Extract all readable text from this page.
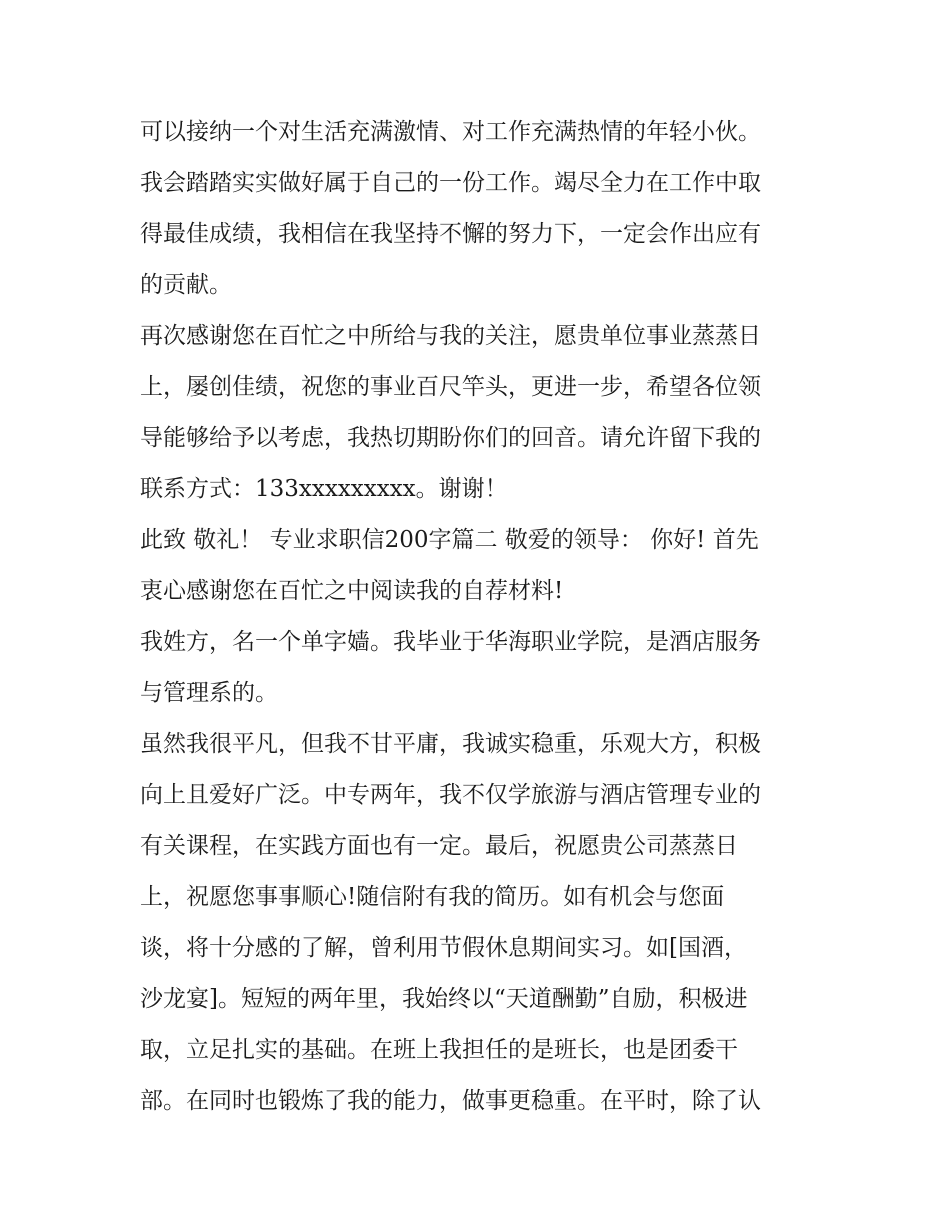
可以接纳一个对生活充满激情、对工作充满热情的年轻小伙。
我会踏踏实实做好属于自己的一份工作。竭尽全力在工作中取
得最佳成绩，我相信在我坚持不懈的努力下，一定会作出应有
的贡献。
再次感谢您在百忙之中所给与我的关注，愿贵单位事业蒸蒸日
上，屡创佳绩，祝您的事业百尺竿头，更进一步，希望各位领
导能够给予以考虑，我热切期盼你们的回音。请允许留下我的
联系方式：133xxxxxxxxx。谢谢！
此致 敬礼！ 专业求职信200字篇二 敬爱的领导： 你好! 首先
衷心感谢您在百忙之中阅读我的自荐材料!
我姓方，名一个单字嫱。我毕业于华海职业学院，是酒店服务
与管理系的。
虽然我很平凡，但我不甘平庸，我诚实稳重，乐观大方，积极
向上且爱好广泛。中专两年，我不仅学旅游与酒店管理专业的
有关课程，在实践方面也有一定。最后，祝愿贵公司蒸蒸日
上，祝愿您事事顺心!随信附有我的简历。如有机会与您面
谈，将十分感的了解，曾利用节假休息期间实习。如[国酒，
沙龙宴]。短短的两年里，我始终以“天道酬勤”自励，积极进
取，立足扎实的基础。在班上我担任的是班长，也是团委干
部。在同时也锻炼了我的能力，做事更稳重。在平时，除了认
